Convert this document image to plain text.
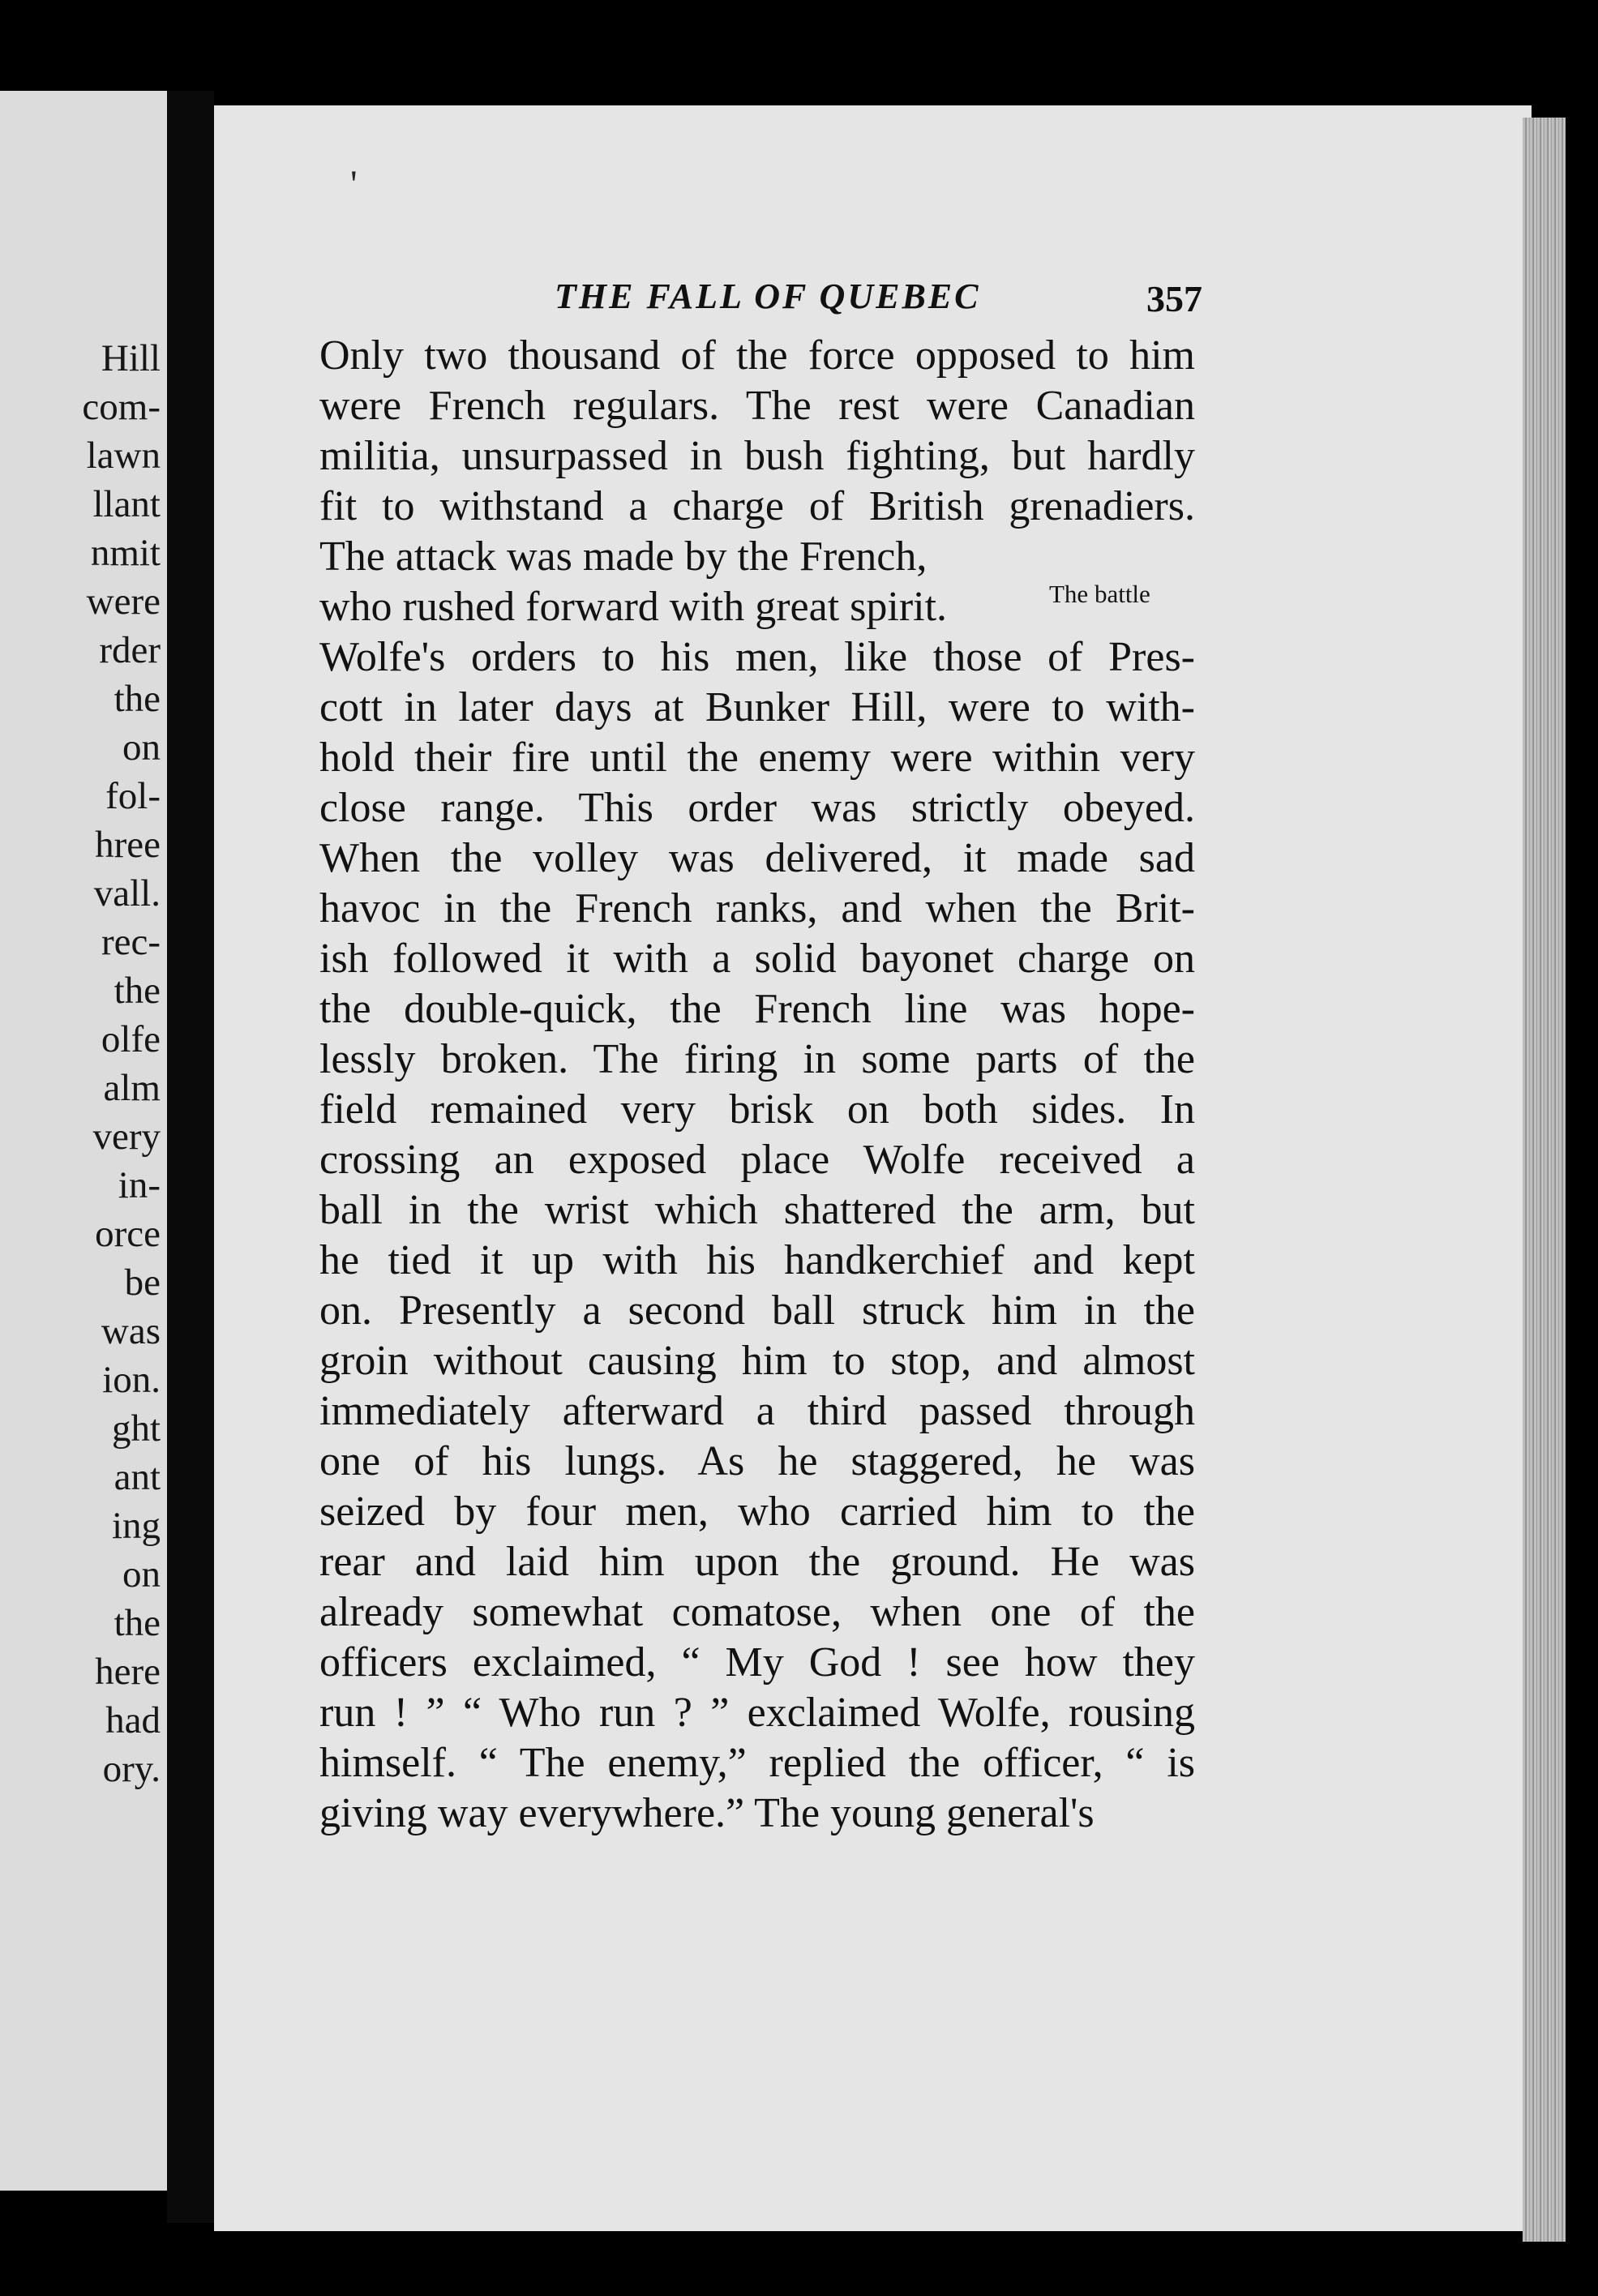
Hill
com-
lawn
llant
nmit
were
rder
the
on
fol-
hree
vall.
rec-
the
olfe
alm
very
in-
orce
be
was
ion.
ght
ant
ing
on
the
here
had
ory.
'
THE FALL OF QUEBEC	357
The battle
Only two thousand of the force opposed to him
were French regulars. The rest were Canadian
militia, unsurpassed in bush fighting, but hardly
fit to withstand a charge of British grenadiers.
The attack was made by the French,
who rushed forward with great spirit.
Wolfe's orders to his men, like those of Pres-
cott in later days at Bunker Hill, were to with-
hold their fire until the enemy were within very
close range. This order was strictly obeyed.
When the volley was delivered, it made sad
havoc in the French ranks, and when the Brit-
ish followed it with a solid bayonet charge on
the double-quick, the French line was hope-
lessly broken. The firing in some parts of the
field remained very brisk on both sides. In
crossing an exposed place Wolfe received a
ball in the wrist which shattered the arm, but
he tied it up with his handkerchief and kept
on. Presently a second ball struck him in the
groin without causing him to stop, and almost
immediately afterward a third passed through
one of his lungs. As he staggered, he was
seized by four men, who carried him to the
rear and laid him upon the ground. He was
already somewhat comatose, when one of the
officers exclaimed, “ My God ! see how they
run ! ” “ Who run ? ” exclaimed Wolfe, rousing
himself. “ The enemy,” replied the officer, “ is
giving way everywhere.” The young general's
